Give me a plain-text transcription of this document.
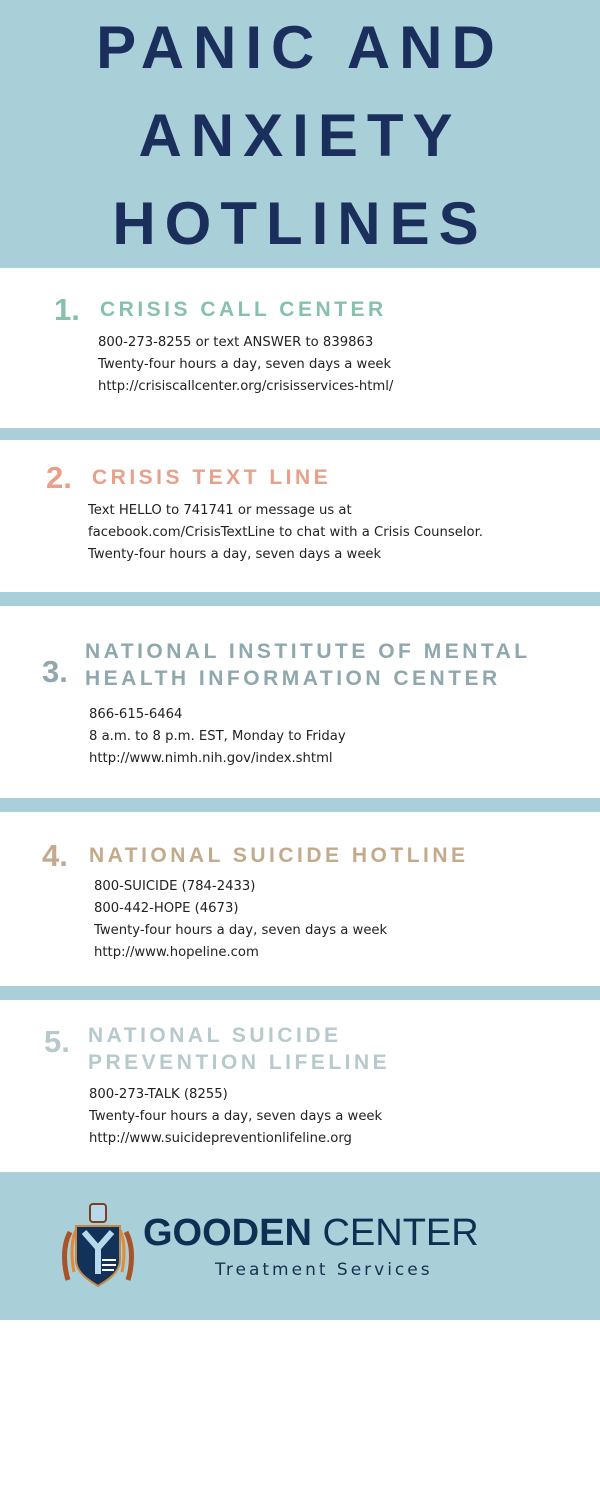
PANIC AND
ANXIETY
HOTLINES
1. CRISIS CALL CENTER
800-273-8255 or text ANSWER to 839863
Twenty-four hours a day, seven days a week
http://crisiscallcenter.org/crisisservices-html/
2. CRISIS TEXT LINE
Text HELLO to 741741 or message us at
facebook.com/CrisisTextLine to chat with a Crisis Counselor.
Twenty-four hours a day, seven days a week
3.
NATIONAL INSTITUTE OF MENTAL
HEALTH INFORMATION CENTER
866-615-6464
8 a.m. to 8 p.m. EST, Monday to Friday
http://www.nimh.nih.gov/index.shtml
4. NATIONAL SUICIDE HOTLINE
800-SUICIDE (784-2433)
800-442-HOPE (4673)
Twenty-four hours a day, seven days a week
http://www.hopeline.com
5. NATIONAL SUICIDE
PREVENTION LIFELINE
800-273-TALK (8255)
Twenty-four hours a day, seven days a week
http://www.suicidepreventionlifeline.org
GOODEN CENTER
Treatment Services
